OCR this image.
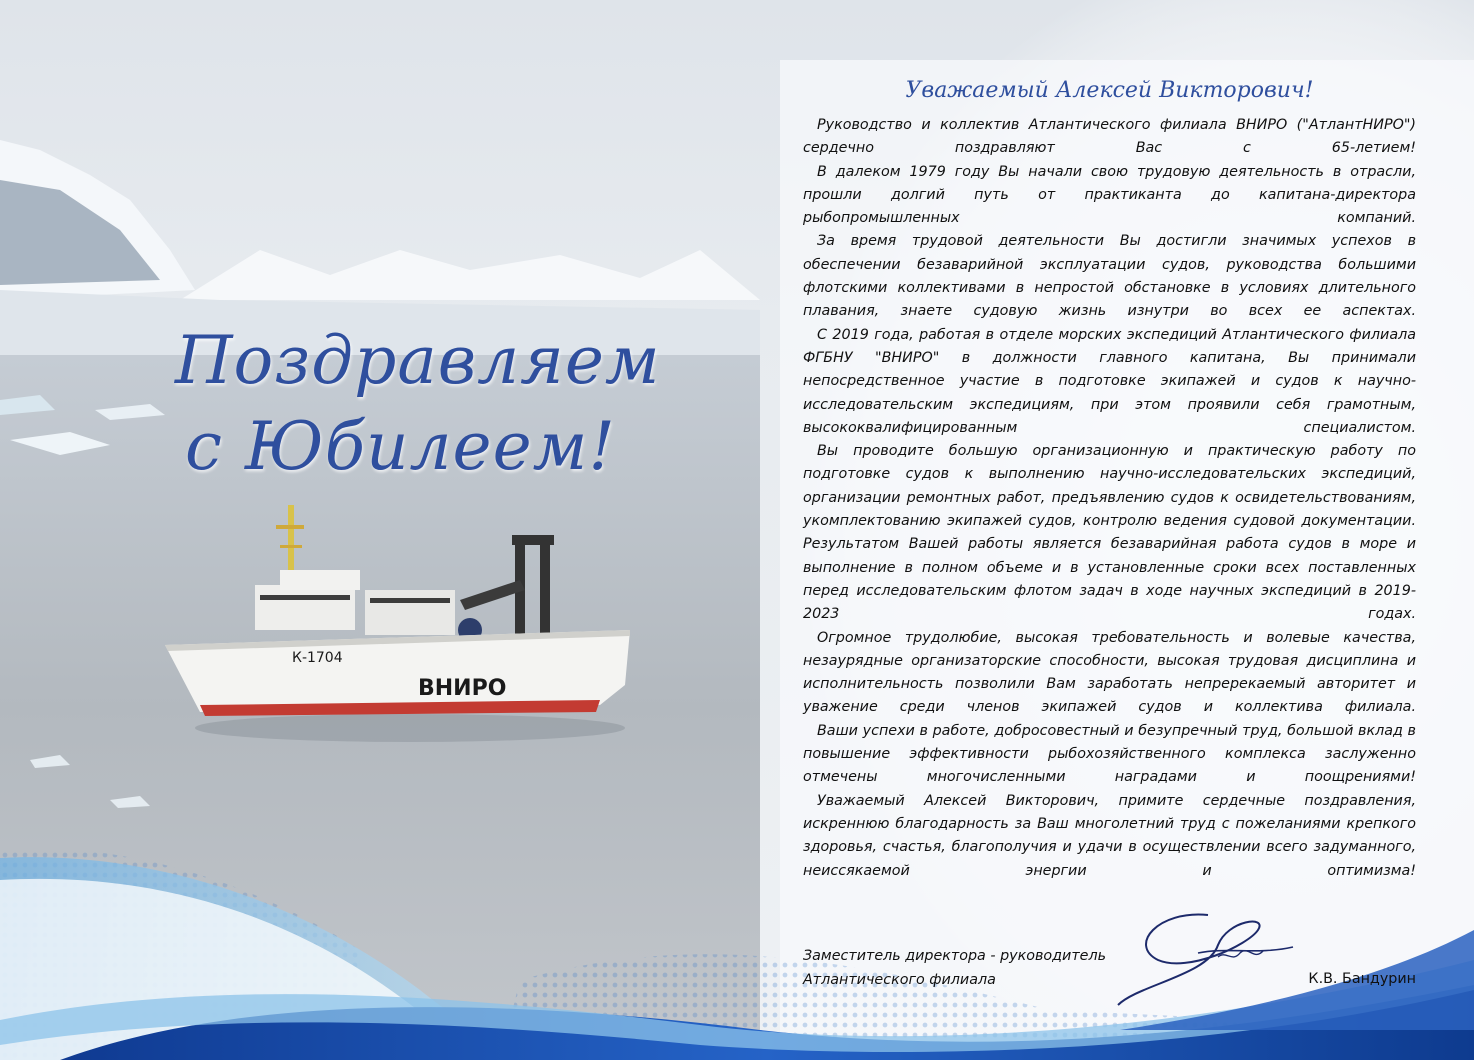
ВНИРО
К-1704
Поздравляем
с Юбилеем!
Уважаемый Алексей Викторович!

Руководство и коллектив Атлантического филиала ВНИРО ("АтлантНИРО") сердечно поздравляют Вас с 65-летием!

В далеком 1979 году Вы начали свою трудовую деятельность в отрасли, прошли долгий путь от практиканта до капитана-директора рыбопромышленных компаний.

За время трудовой деятельности Вы достигли значимых успехов в обеспечении безаварийной эксплуатации судов, руководства большими флотскими коллективами в непростой обстановке в условиях длительного плавания, знаете судовую жизнь изнутри во всех ее аспектах.

С 2019 года, работая в отделе морских экспедиций Атлантического филиала ФГБНУ "ВНИРО" в должности главного капитана, Вы принимали непосредственное участие в подготовке экипажей и судов к научно-исследовательским экспедициям, при этом проявили себя грамотным, высококвалифицированным специалистом.

Вы проводите большую организационную и практическую работу по подготовке судов к выполнению научно-исследовательских экспедиций, организации ремонтных работ, предъявлению судов к освидетельствованиям, укомплектованию экипажей судов, контролю ведения судовой документации. Результатом Вашей работы является безаварийная работа судов в море и выполнение в полном объеме и в установленные сроки всех поставленных перед исследовательским флотом задач в ходе научных экспедиций в 2019-2023 годах.

Огромное трудолюбие, высокая требовательность и волевые качества, незаурядные организаторские способности, высокая трудовая дисциплина и исполнительность позволили Вам заработать непререкаемый авторитет и уважение среди членов экипажей судов и коллектива филиала.

Ваши успехи в работе, добросовестный и безупречный труд, большой вклад в повышение эффективности рыбохозяйственного комплекса заслуженно отмечены многочисленными наградами и поощрениями!

Уважаемый Алексей Викторович, примите сердечные поздравления, искреннюю благодарность за Ваш многолетний труд с пожеланиями крепкого здоровья, счастья, благополучия и удачи в осуществлении всего задуманного, неиссякаемой энергии и оптимизма!

Заместитель директора - руководитель
Атлантического филиала	К.В. Бандурин
